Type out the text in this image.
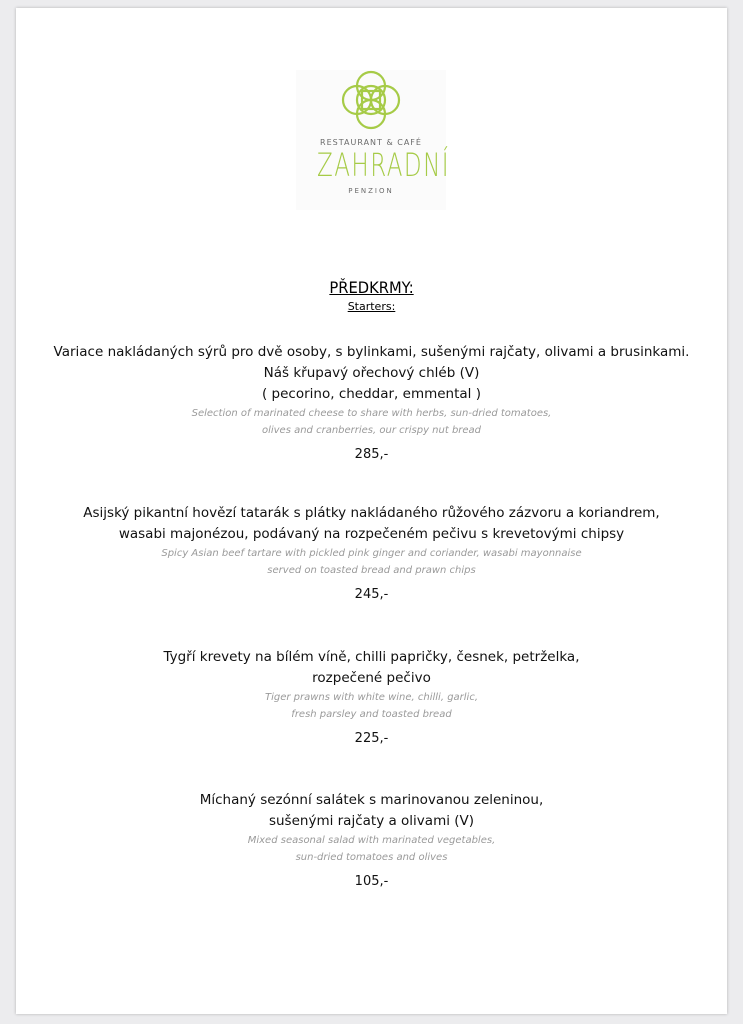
RESTAURANT & CAFÉ
ZAHRADNÍ
PENZION
PŘEDKRMY:
Starters:
Variace nakládaných sýrů pro dvě osoby, s bylinkami, sušenými rajčaty, olivami a brusinkami.
Náš křupavý ořechový chléb (V)
( pecorino, cheddar, emmental )
Selection of marinated cheese to share with herbs, sun-dried tomatoes,
olives and cranberries, our crispy nut bread
285,-
Asijský pikantní hovězí tatarák s plátky nakládaného růžového zázvoru a koriandrem,
wasabi majonézou, podávaný na rozpečeném pečivu s krevetovými chipsy
Spicy Asian beef tartare with pickled pink ginger and coriander, wasabi mayonnaise
served on toasted bread and prawn chips
245,-
Tygří krevety na bílém víně, chilli papričky, česnek, petrželka,
rozpečené pečivo
Tiger prawns with white wine, chilli, garlic,
fresh parsley and toasted bread
225,-
Míchaný sezónní salátek s marinovanou zeleninou,
sušenými rajčaty a olivami (V)
Mixed seasonal salad with marinated vegetables,
sun-dried tomatoes and olives
105,-
